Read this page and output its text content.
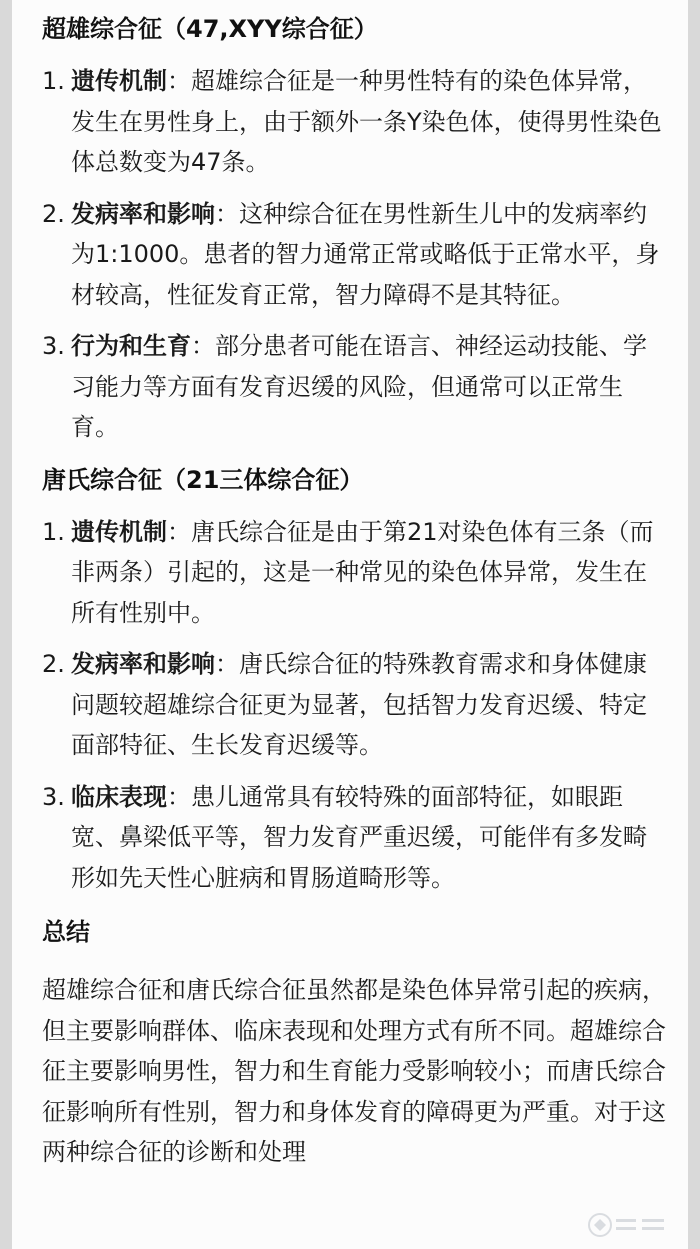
超雄综合征（47,XYY综合征）
1. 遗传机制：超雄综合征是一种男性特有的染色体异常，发生在男性身上，由于额外一条Y染色体，使得男性染色体总数变为47条。
2. 发病率和影响：这种综合征在男性新生儿中的发病率约为1:1000。患者的智力通常正常或略低于正常水平，身材较高，性征发育正常，智力障碍不是其特征。
3. 行为和生育：部分患者可能在语言、神经运动技能、学习能力等方面有发育迟缓的风险，但通常可以正常生育。
唐氏综合征（21三体综合征）
1. 遗传机制：唐氏综合征是由于第21对染色体有三条（而非两条）引起的，这是一种常见的染色体异常，发生在所有性别中。
2. 发病率和影响：唐氏综合征的特殊教育需求和身体健康问题较超雄综合征更为显著，包括智力发育迟缓、特定面部特征、生长发育迟缓等。
3. 临床表现：患儿通常具有较特殊的面部特征，如眼距宽、鼻梁低平等，智力发育严重迟缓，可能伴有多发畸形如先天性心脏病和胃肠道畸形等。
总结

超雄综合征和唐氏综合征虽然都是染色体异常引起的疾病，但主要影响群体、临床表现和处理方式有所不同。超雄综合征主要影响男性，智力和生育能力受影响较小；而唐氏综合征影响所有性别，智力和身体发育的障碍更为严重。对于这两种综合征的诊断和处理
